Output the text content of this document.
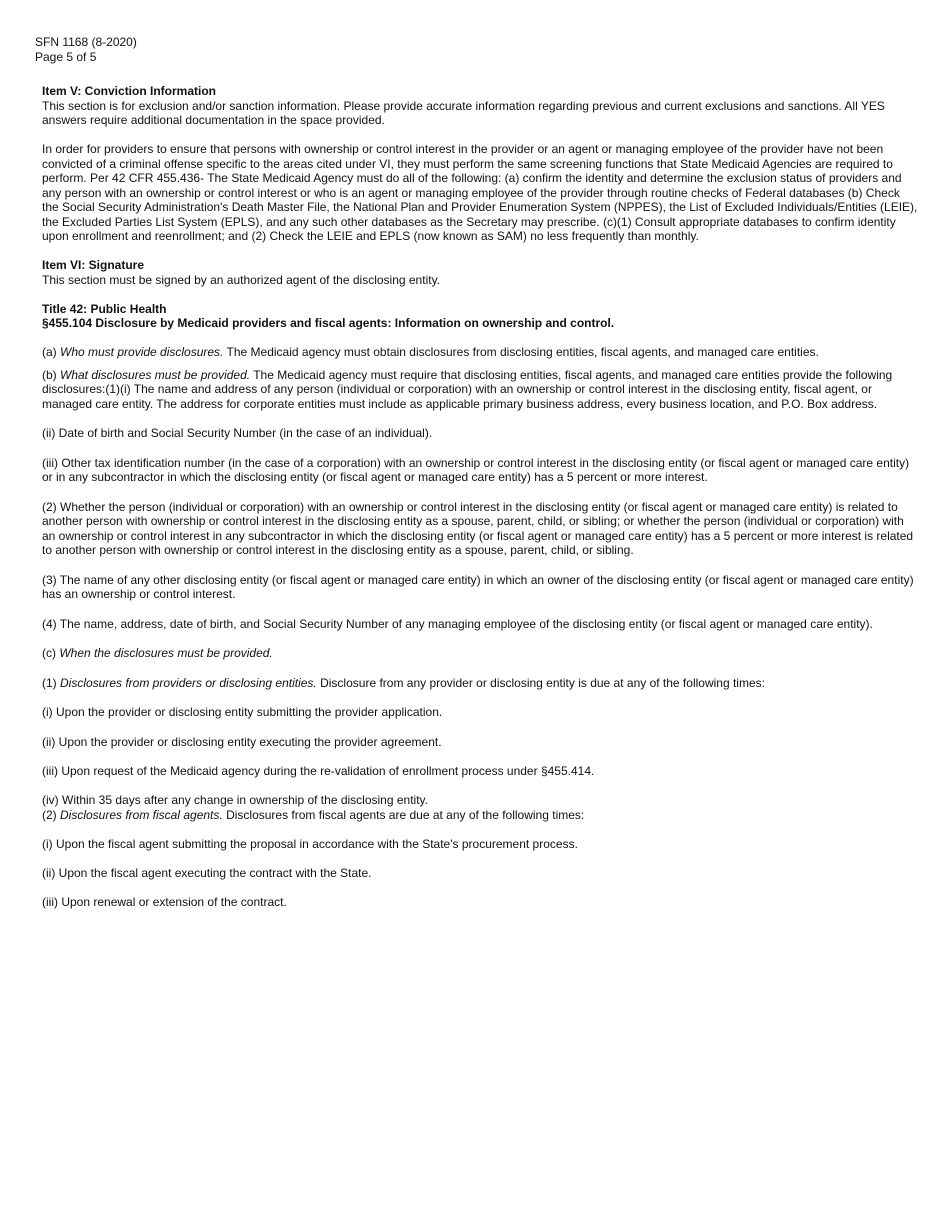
SFN 1168 (8-2020)
Page 5 of 5

Item V: Conviction Information

This section is for exclusion and/or sanction information. Please provide accurate information regarding previous and current exclusions and sanctions. All YES answers require additional documentation in the space provided.

In order for providers to ensure that persons with ownership or control interest in the provider or an agent or managing employee of the provider have not been convicted of a criminal offense specific to the areas cited under VI, they must perform the same screening functions that State Medicaid Agencies are required to perform. Per 42 CFR 455.436- The State Medicaid Agency must do all of the following: (a) confirm the identity and determine the exclusion status of providers and any person with an ownership or control interest or who is an agent or managing employee of the provider through routine checks of Federal databases (b) Check the Social Security Administration's Death Master File, the National Plan and Provider Enumeration System (NPPES), the List of Excluded Individuals/Entities (LEIE), the Excluded Parties List System (EPLS), and any such other databases as the Secretary may prescribe. (c)(1) Consult appropriate databases to confirm identity upon enrollment and reenrollment; and (2) Check the LEIE and EPLS (now known as SAM) no less frequently than monthly.

Item VI: Signature

This section must be signed by an authorized agent of the disclosing entity.

Title 42: Public Health

§455.104 Disclosure by Medicaid providers and fiscal agents: Information on ownership and control.

(a) Who must provide disclosures. The Medicaid agency must obtain disclosures from disclosing entities, fiscal agents, and managed care entities.

(b) What disclosures must be provided. The Medicaid agency must require that disclosing entities, fiscal agents, and managed care entities provide the following disclosures:(1)(i) The name and address of any person (individual or corporation) with an ownership or control interest in the disclosing entity, fiscal agent, or managed care entity. The address for corporate entities must include as applicable primary business address, every business location, and P.O. Box address.

(ii) Date of birth and Social Security Number (in the case of an individual).

(iii) Other tax identification number (in the case of a corporation) with an ownership or control interest in the disclosing entity (or fiscal agent or managed care entity) or in any subcontractor in which the disclosing entity (or fiscal agent or managed care entity) has a 5 percent or more interest.

(2) Whether the person (individual or corporation) with an ownership or control interest in the disclosing entity (or fiscal agent or managed care entity) is related to another person with ownership or control interest in the disclosing entity as a spouse, parent, child, or sibling; or whether the person (individual or corporation) with an ownership or control interest in any subcontractor in which the disclosing entity (or fiscal agent or managed care entity) has a 5 percent or more interest is related to another person with ownership or control interest in the disclosing entity as a spouse, parent, child, or sibling.

(3) The name of any other disclosing entity (or fiscal agent or managed care entity) in which an owner of the disclosing entity (or fiscal agent or managed care entity) has an ownership or control interest.

(4) The name, address, date of birth, and Social Security Number of any managing employee of the disclosing entity (or fiscal agent or managed care entity).

(c) When the disclosures must be provided.

(1) Disclosures from providers or disclosing entities. Disclosure from any provider or disclosing entity is due at any of the following times:

(i) Upon the provider or disclosing entity submitting the provider application.

(ii) Upon the provider or disclosing entity executing the provider agreement.

(iii) Upon request of the Medicaid agency during the re-validation of enrollment process under §455.414.

(iv) Within 35 days after any change in ownership of the disclosing entity.

(2) Disclosures from fiscal agents. Disclosures from fiscal agents are due at any of the following times:

(i) Upon the fiscal agent submitting the proposal in accordance with the State's procurement process.

(ii) Upon the fiscal agent executing the contract with the State.

(iii) Upon renewal or extension of the contract.
